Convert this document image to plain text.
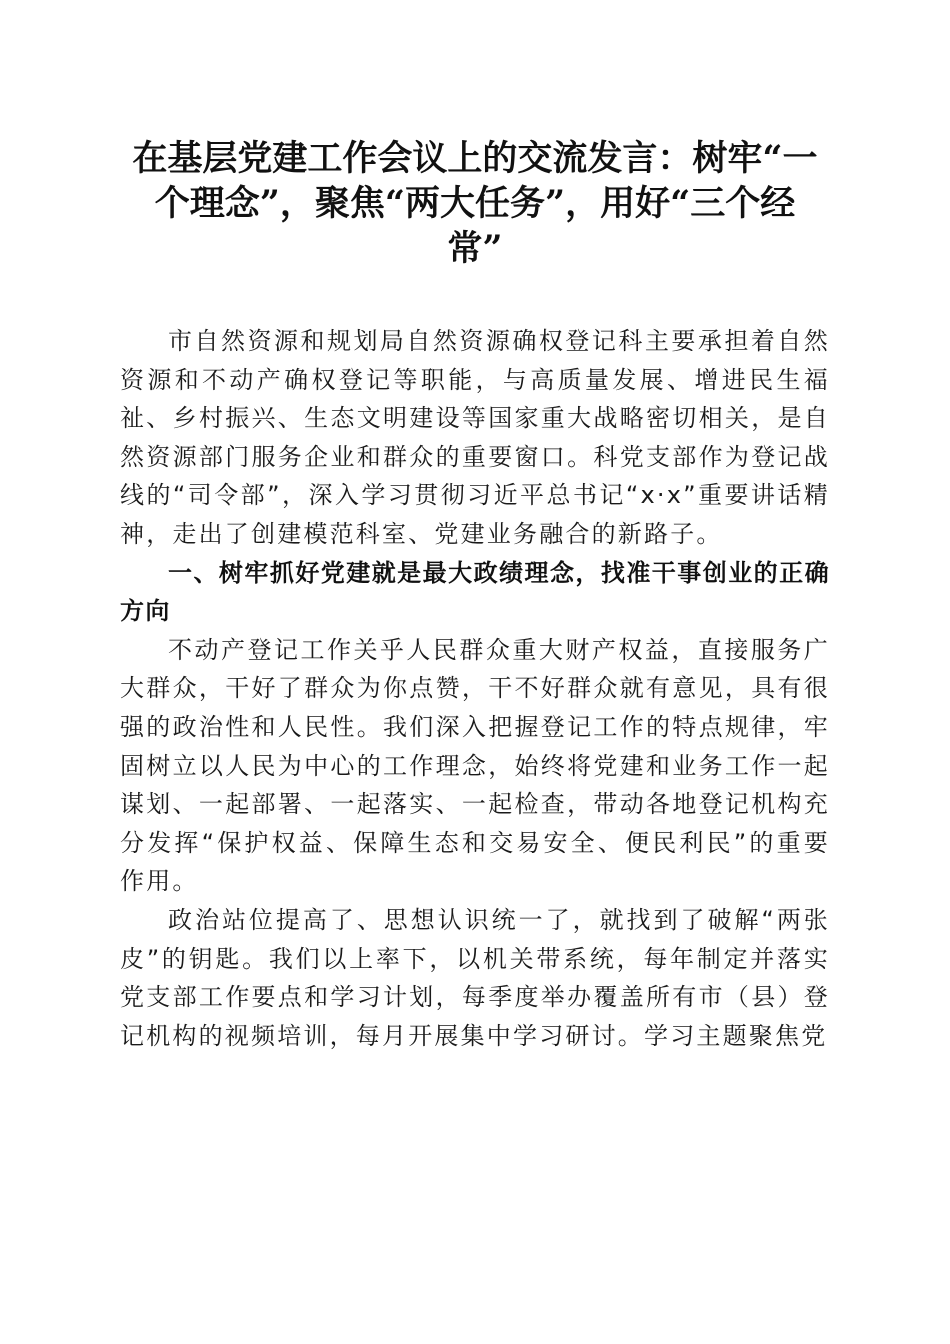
在基层党建工作会议上的交流发言：树牢“一
个理念”，聚焦“两大任务”，用好“三个经
常”

市自然资源和规划局自然资源确权登记科主要承担着自然资源和不动产确权登记等职能，与高质量发展、增进民生福祉、乡村振兴、生态文明建设等国家重大战略密切相关，是自然资源部门服务企业和群众的重要窗口。科党支部作为登记战线的“司令部”，深入学习贯彻习近平总书记“x·x”重要讲话精神，走出了创建模范科室、党建业务融合的新路子。

一、树牢抓好党建就是最大政绩理念，找准干事创业的正确方向

不动产登记工作关乎人民群众重大财产权益，直接服务广大群众，干好了群众为你点赞，干不好群众就有意见，具有很强的政治性和人民性。我们深入把握登记工作的特点规律，牢固树立以人民为中心的工作理念，始终将党建和业务工作一起谋划、一起部署、一起落实、一起检查，带动各地登记机构充分发挥“保护权益、保障生态和交易安全、便民利民”的重要作用。

政治站位提高了、思想认识统一了，就找到了破解“两张皮”的钥匙。我们以上率下，以机关带系统，每年制定并落实党支部工作要点和学习计划，每季度举办覆盖所有市（县）登记机构的视频培训，每月开展集中学习研讨。学习主题聚焦党
